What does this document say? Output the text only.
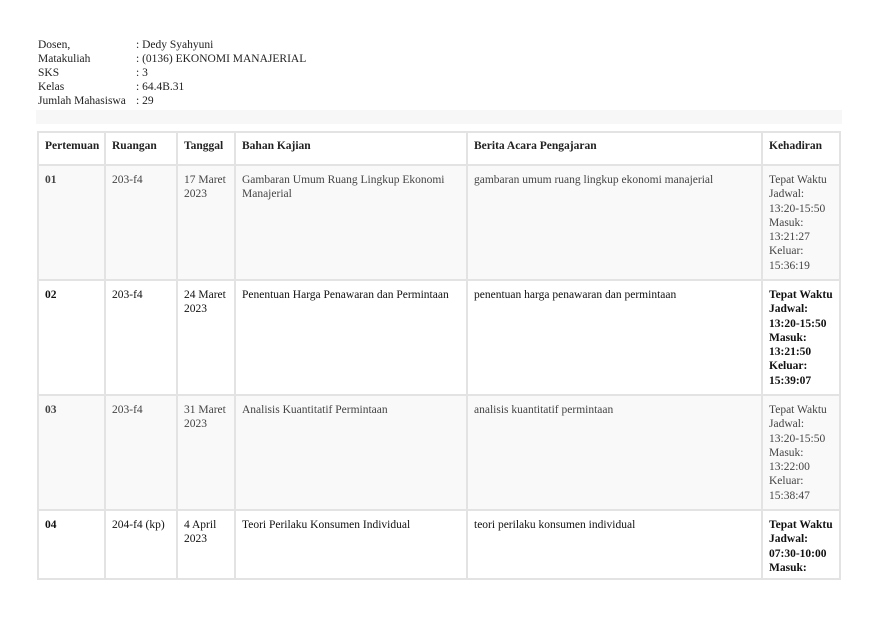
Dosen,	: Dedy Syahyuni
Matakuliah	: (0136) EKONOMI MANAJERIAL
SKS	: 3
Kelas	: 64.4B.31
Jumlah Mahasiswa : 29
Pertemuan	Ruangan	Tanggal	Bahan Kajian	Berita Acara Pengajaran	Kehadiran
01	203-f4	17 Maret 2023	Gambaran Umum Ruang Lingkup Ekonomi Manajerial	gambaran umum ruang lingkup ekonomi manajerial	Tepat Waktu
Jadwal: 13:20-15:50
Masuk: 13:21:27
Keluar: 15:36:19
02	203-f4	24 Maret 2023	Penentuan Harga Penawaran dan Permintaan	penentuan harga penawaran dan permintaan	Tepat Waktu
Jadwal: 13:20-15:50
Masuk: 13:21:50
Keluar: 15:39:07
03	203-f4	31 Maret 2023	Analisis Kuantitatif Permintaan	analisis kuantitatif permintaan	Tepat Waktu
Jadwal: 13:20-15:50
Masuk: 13:22:00
Keluar: 15:38:47
04	204-f4 (kp)	4 April 2023	Teori Perilaku Konsumen Individual	teori perilaku konsumen individual	Tepat Waktu
Jadwal: 07:30-10:00
Masuk:
